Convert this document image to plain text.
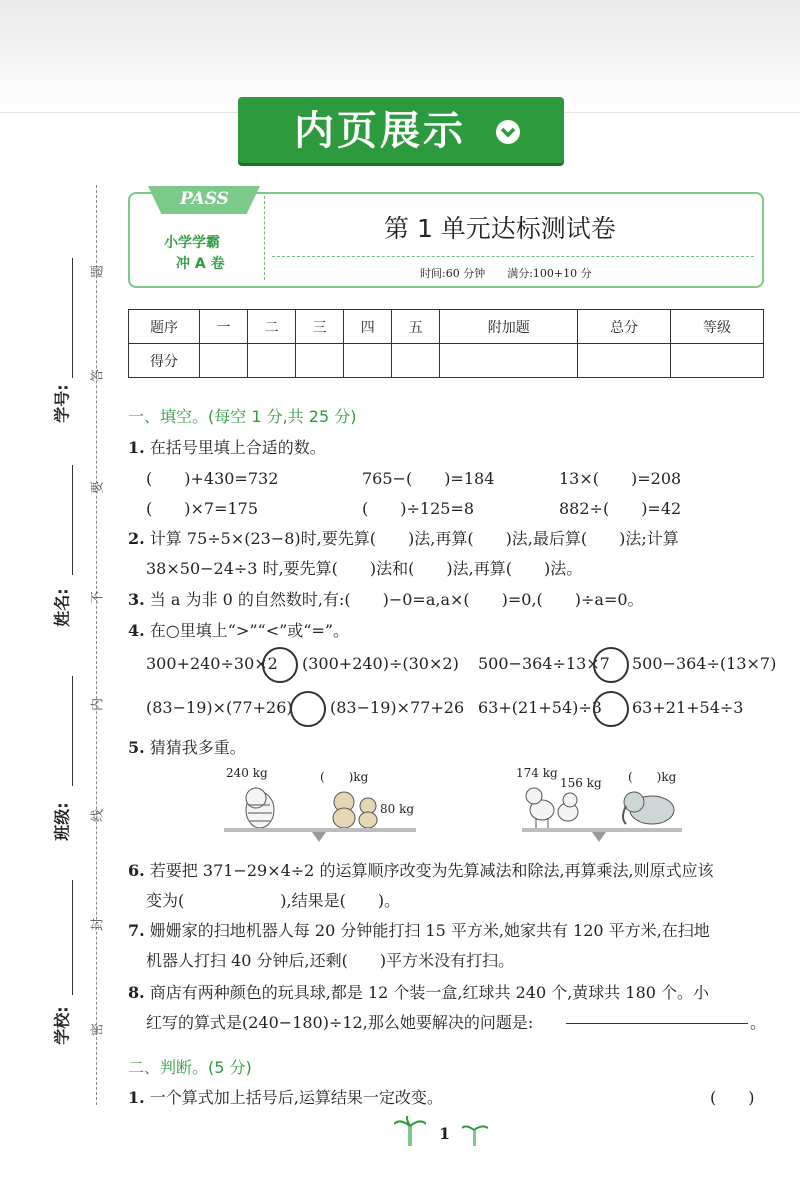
内页展示
题
答
要
不
内
线
封
密
学号:
姓名:
班级:
学校:
PASS
小学学霸
冲 A 卷
第 1 单元达标测试卷
时间:60 分钟　　满分:100+10 分
题序	一	二	三	四	五	附加题	总分	等级
得分								
一、填空。(每空 1 分,共 25 分)
1. 在括号里填上合适的数。
(　　)+430=732	765−(　　)=184	13×(　　)=208
(　　)×7=175	(　　)÷125=8	882÷(　　)=42
2. 计算 75÷5×(23−8)时,要先算(　　)法,再算(　　)法,最后算(　　)法;计算
38×50−24÷3 时,要先算(　　)法和(　　)法,再算(　　)法。
3. 当 a 为非 0 的自然数时,有:(　　)−0=a,a×(　　)=0,(　　)÷a=0。
4. 在○里填上“>”“<”或“=”。
300+240÷30×2 (300+240)÷(30×2) 500−364÷13×7 500−364÷(13×7)
(83−19)×(77+26) (83−19)×77+26 63+(21+54)÷3 63+21+54÷3
5. 猜猜我多重。
240 kg	(　　)kg
80 kg
174 kg
156 kg (　　)kg
6. 若要把 371−29×4÷2 的运算顺序改变为先算减法和除法,再算乘法,则原式应该
变为(　　　　　　),结果是(　　)。
7. 姗姗家的扫地机器人每 20 分钟能打扫 15 平方米,她家共有 120 平方米,在扫地
机器人打扫 40 分钟后,还剩(　　)平方米没有打扫。
8. 商店有两种颜色的玩具球,都是 12 个装一盒,红球共 240 个,黄球共 180 个。小
红写的算式是(240−180)÷12,那么她要解决的问题是:	。
二、判断。(5 分)
1. 一个算式加上括号后,运算结果一定改变。	(　　)
1
